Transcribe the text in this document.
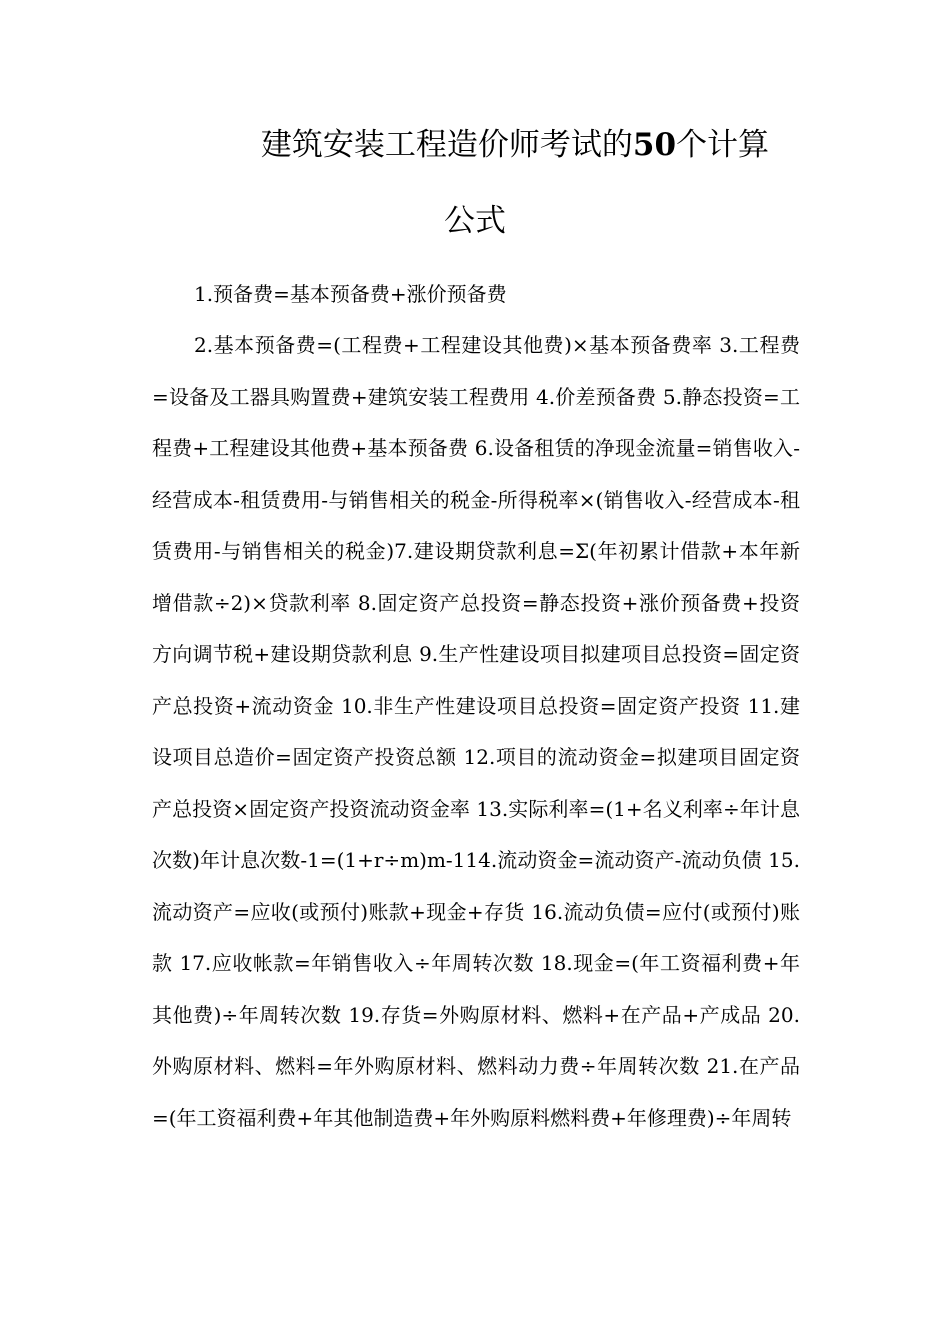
建筑安装工程造价师考试的50个计算
公式

1.预备费=基本预备费+涨价预备费

2.基本预备费=(工程费+工程建设其他费)×基本预备费率 3.工程费=设备及工器具购置费+建筑安装工程费用 4.价差预备费 5.静态投资=工程费+工程建设其他费+基本预备费 6.设备租赁的净现金流量=销售收入-经营成本-租赁费用-与销售相关的税金-所得税率×(销售收入-经营成本-租赁费用-与销售相关的税金)7.建设期贷款利息=Σ(年初累计借款+本年新增借款÷2)×贷款利率 8.固定资产总投资=静态投资+涨价预备费+投资方向调节税+建设期贷款利息 9.生产性建设项目拟建项目总投资=固定资产总投资+流动资金 10.非生产性建设项目总投资=固定资产投资 11.建设项目总造价=固定资产投资总额 12.项目的流动资金=拟建项目固定资产总投资×固定资产投资流动资金率 13.实际利率=(1+名义利率÷年计息次数)年计息次数-1=(1+r÷m)m-114.流动资金=流动资产-流动负债 15.流动资产=应收(或预付)账款+现金+存货 16.流动负债=应付(或预付)账款 17.应收帐款=年销售收入÷年周转次数 18.现金=(年工资福利费+年其他费)÷年周转次数 19.存货=外购原材料、燃料+在产品+产成品 20.外购原材料、燃料=年外购原材料、燃料动力费÷年周转次数 21.在产品=(年工资福利费+年其他制造费+年外购原料燃料费+年修理费)÷年周转
